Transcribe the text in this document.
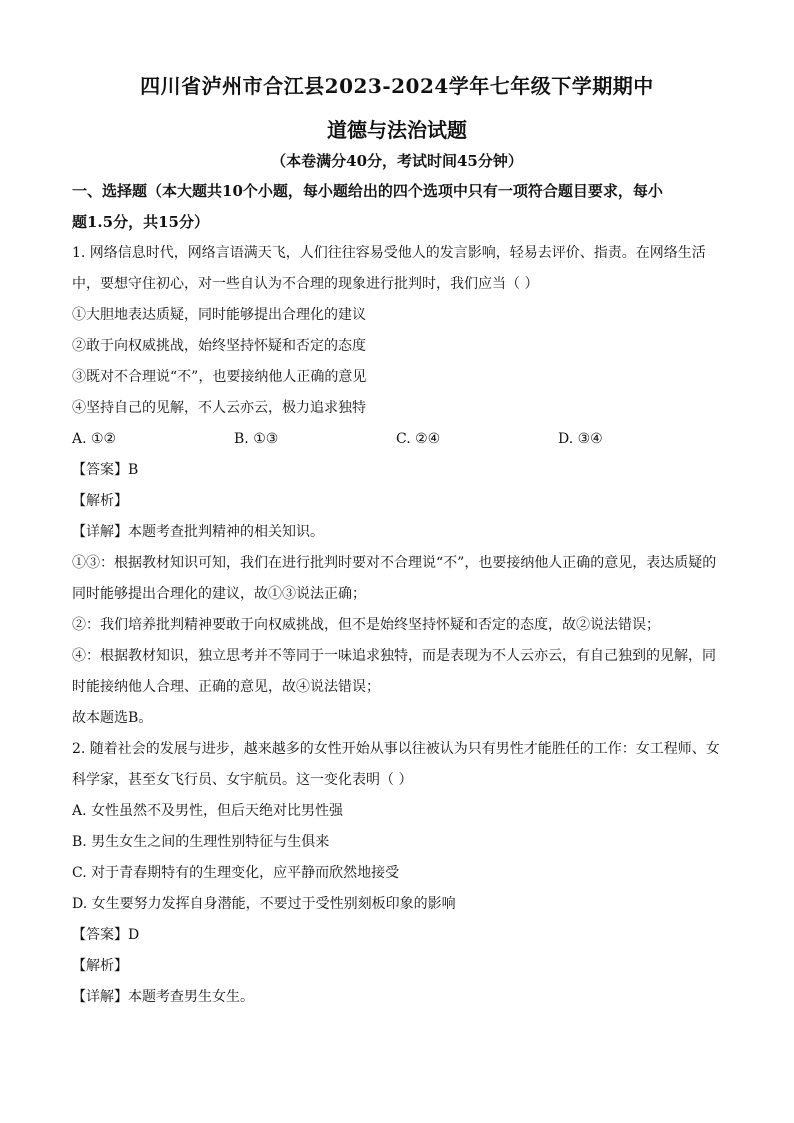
四川省泸州市合江县2023-2024学年七年级下学期期中
道德与法治试题
（本卷满分40分，考试时间45分钟）
一、选择题（本大题共10个小题，每小题给出的四个选项中只有一项符合题目要求，每小
题1.5分，共15分）
1. 网络信息时代，网络言语满天飞，人们往往容易受他人的发言影响，轻易去评价、指责。在网络生活
中，要想守住初心，对一些自认为不合理的现象进行批判时，我们应当（ ）
①大胆地表达质疑，同时能够提出合理化的建议
②敢于向权威挑战，始终坚持怀疑和否定的态度
③既对不合理说“不”，也要接纳他人正确的意见
④坚持自己的见解，不人云亦云，极力追求独特
A. ①②	B. ①③	C. ②④	D. ③④
【答案】B
【解析】
【详解】本题考查批判精神的相关知识。
①③：根据教材知识可知，我们在进行批判时要对不合理说“不”，也要接纳他人正确的意见，表达质疑的
同时能够提出合理化的建议，故①③说法正确；
②：我们培养批判精神要敢于向权威挑战，但不是始终坚持怀疑和否定的态度，故②说法错误；
④：根据教材知识，独立思考并不等同于一味追求独特，而是表现为不人云亦云，有自己独到的见解，同
时能接纳他人合理、正确的意见，故④说法错误；
故本题选B。
2. 随着社会的发展与进步，越来越多的女性开始从事以往被认为只有男性才能胜任的工作：女工程师、女
科学家，甚至女飞行员、女宇航员。这一变化表明（ ）
A. 女性虽然不及男性，但后天绝对比男性强
B. 男生女生之间的生理性别特征与生俱来
C. 对于青春期特有的生理变化，应平静而欣然地接受
D. 女生要努力发挥自身潜能，不要过于受性别刻板印象的影响
【答案】D
【解析】
【详解】本题考查男生女生。
